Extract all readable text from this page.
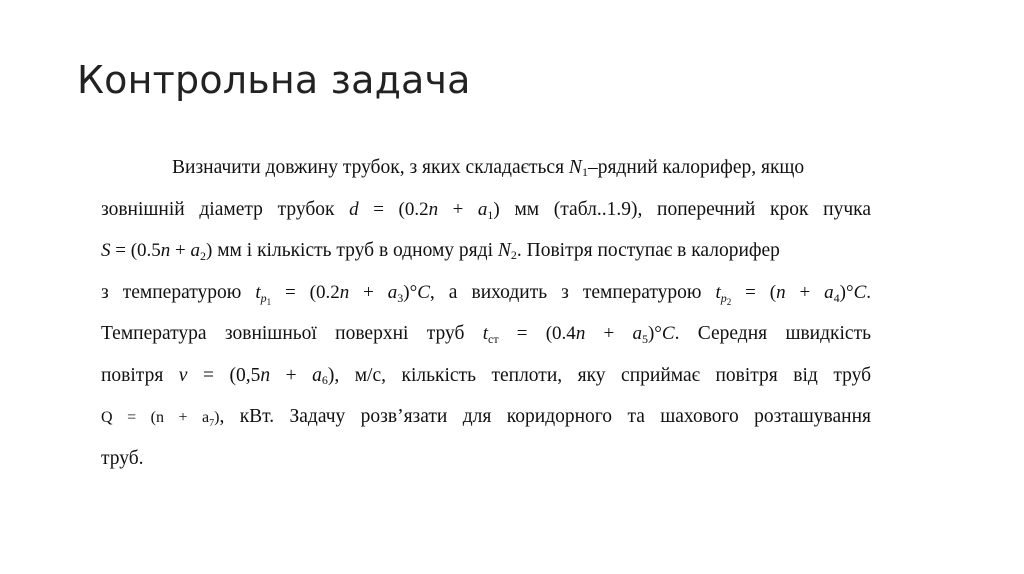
Контрольна задача
Визначити довжину трубок, з яких складається $N_1$–рядний калорифер, якщо
зовнішній діаметр трубок $d = (0.2n + a_1)$ мм (табл..1.9), поперечний крок пучка
$S = (0.5n + a_2)$ мм і кількість труб в одному ряді $N_2$. Повітря поступає в калорифер
з температурою $t_{p_1} = (0.2n + a_3)^\circ C$, а виходить з температурою $t_{p_2} = (n + a_4)^\circ C$.
Температура зовнішньої поверхні труб $t_{ст} = (0.4n + a_5)^\circ C$. Середня швидкість
повітря $v = (0,5n + a_6)$, м/с, кількість теплоти, яку сприймає повітря від труб
$Q = (n + a_7)$, кВт. Задачу розв’язати для коридорного та шахового розташування
труб.
